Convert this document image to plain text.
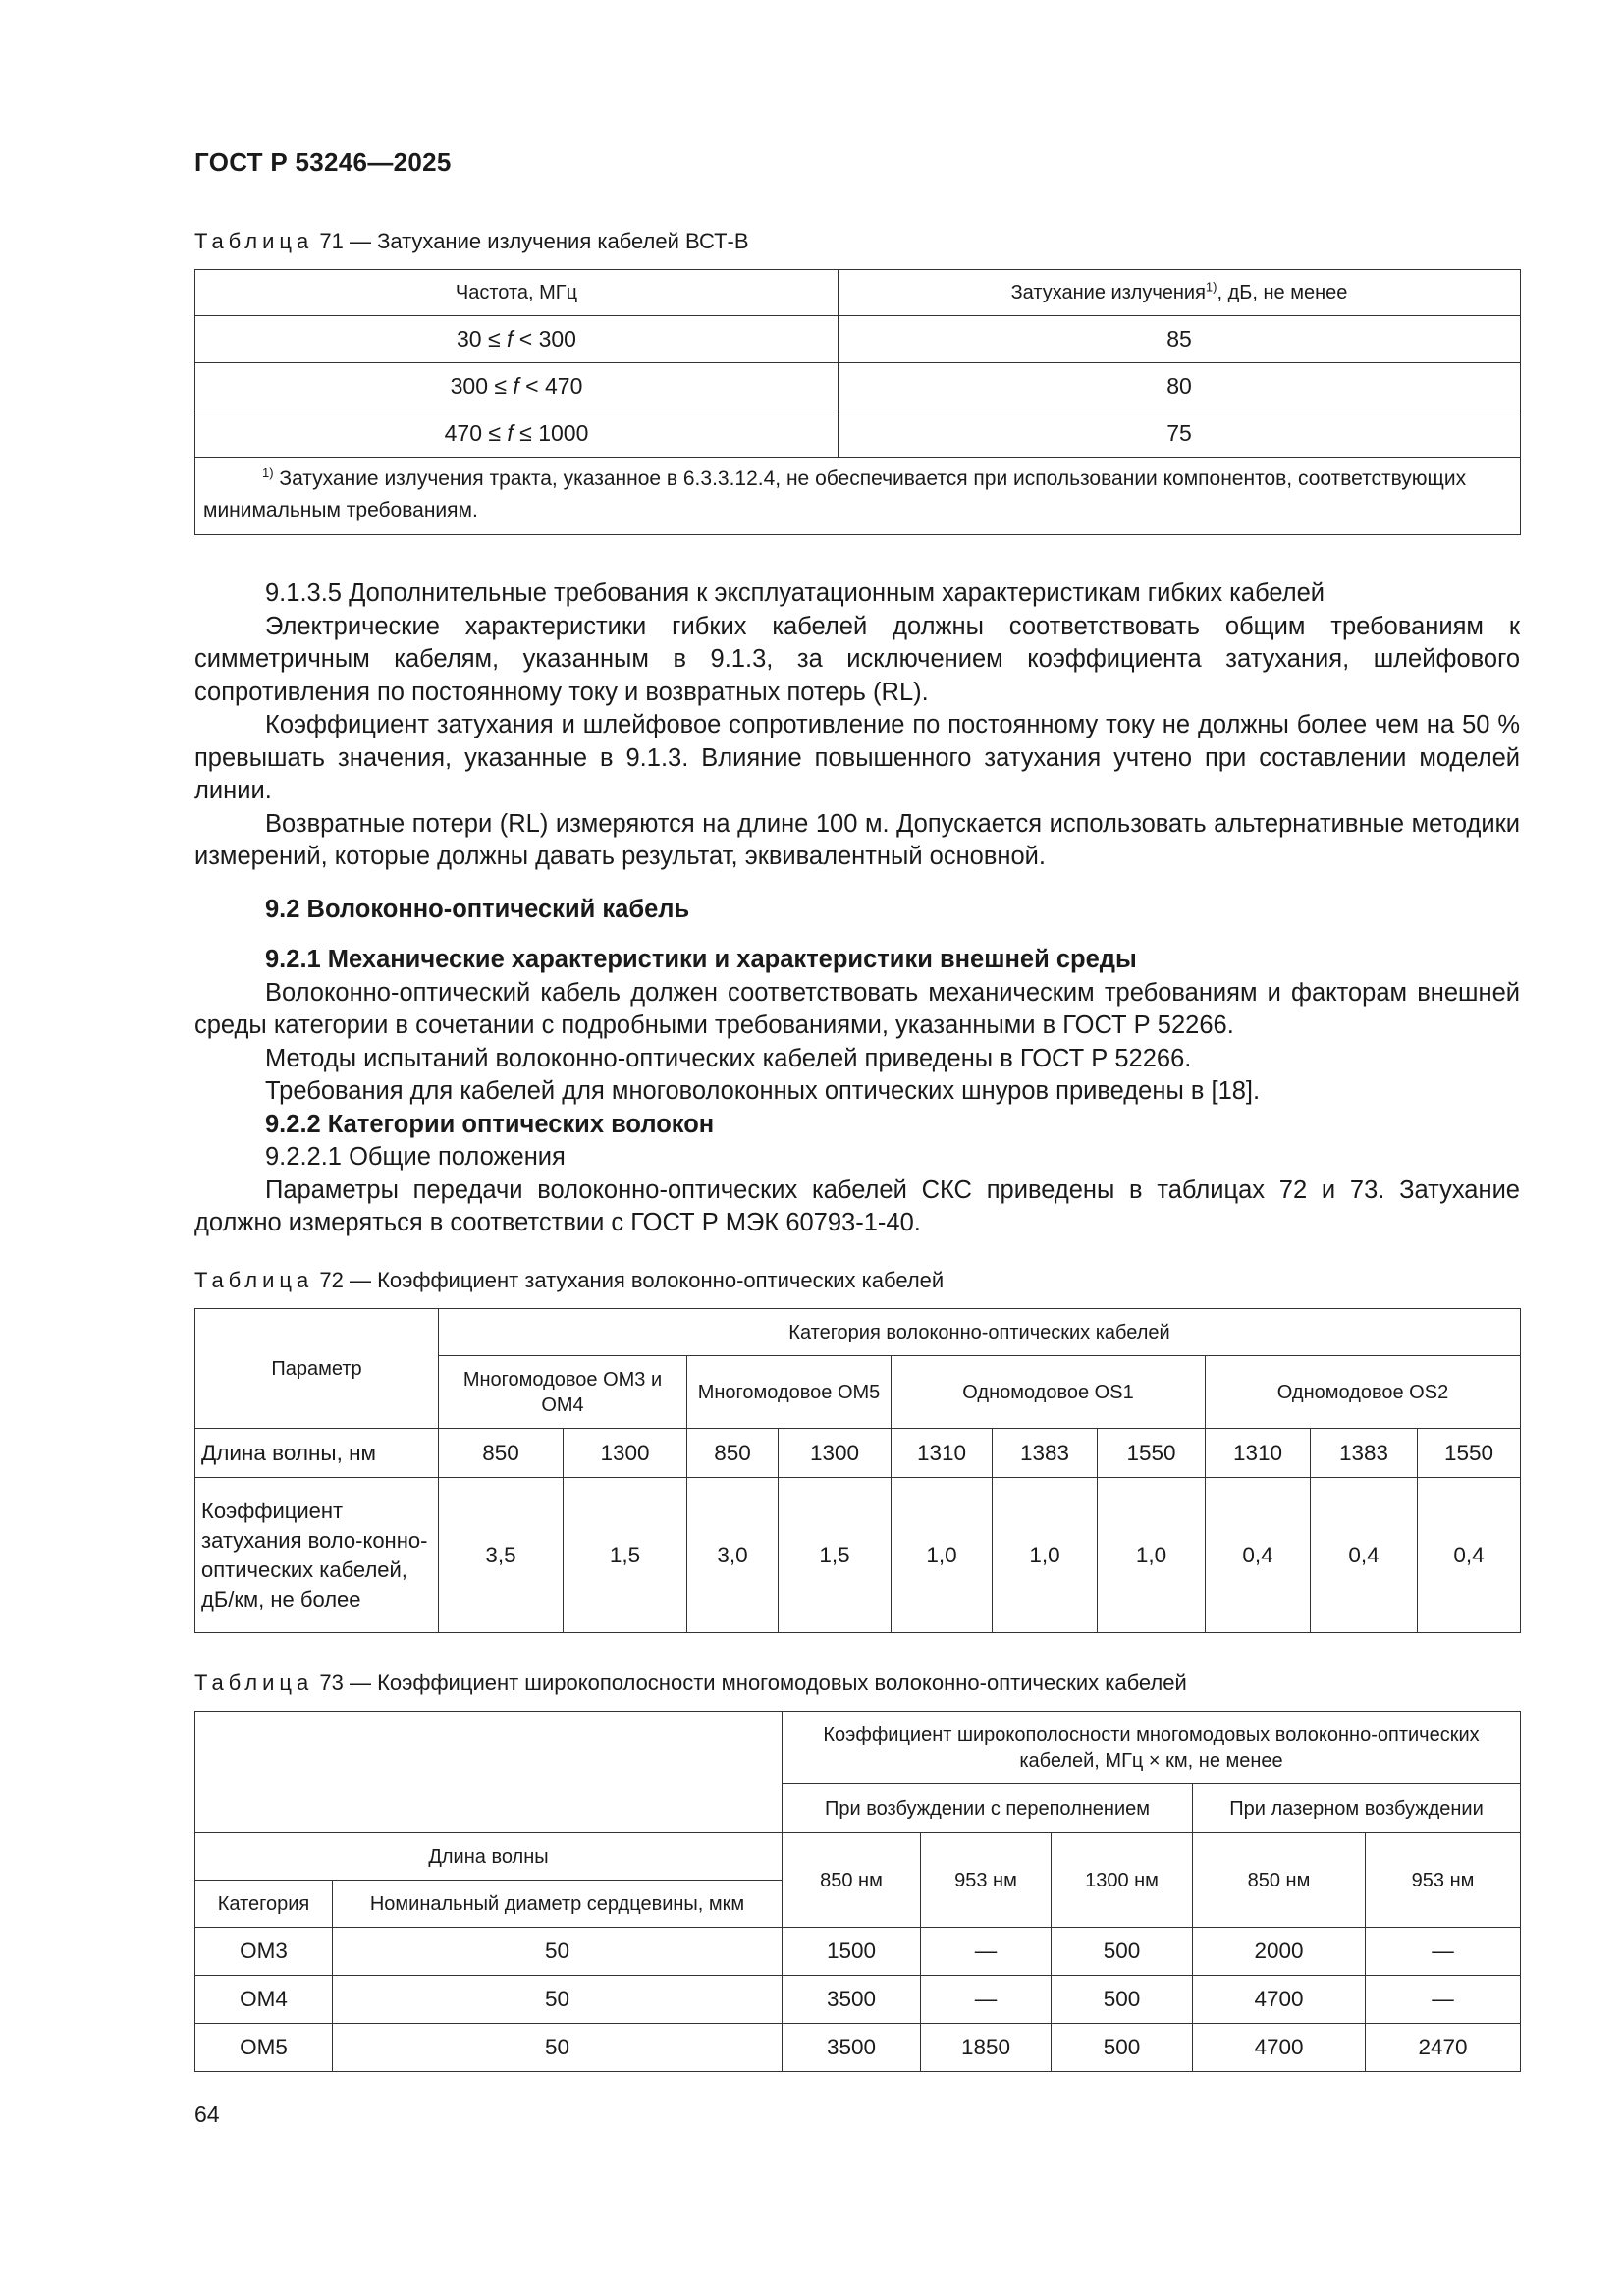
ГОСТ Р 53246—2025
Таблица 71 — Затухание излучения кабелей ВСТ-В
Частота, МГц	Затухание излучения$^{1)}$, дБ, не менее
30 ≤ f < 300	85
300 ≤ f < 470	80
470 ≤ f ≤ 1000	75
$^{1)}$ Затухание излучения тракта, указанное в 6.3.3.12.4, не обеспечивается при использовании компонентов, соответствующих минимальным требованиям.	
9.1.3.5 Дополнительные требования к эксплуатационным характеристикам гибких кабелей
Электрические характеристики гибких кабелей должны соответствовать общим требованиям к симметричным кабелям, указанным в 9.1.3, за исключением коэффициента затухания, шлейфового сопротивления по постоянному току и возвратных потерь (RL).
Коэффициент затухания и шлейфовое сопротивление по постоянному току не должны более чем на 50 % превышать значения, указанные в 9.1.3. Влияние повышенного затухания учтено при составлении моделей линии.
Возвратные потери (RL) измеряются на длине 100 м. Допускается использовать альтернативные методики измерений, которые должны давать результат, эквивалентный основной.
9.2 Волоконно-оптический кабель
9.2.1 Механические характеристики и характеристики внешней среды
Волоконно-оптический кабель должен соответствовать механическим требованиям и факторам внешней среды категории в сочетании с подробными требованиями, указанными в ГОСТ Р 52266.
Методы испытаний волоконно-оптических кабелей приведены в ГОСТ Р 52266.
Требования для кабелей для многоволоконных оптических шнуров приведены в [18].
9.2.2 Категории оптических волокон
9.2.2.1 Общие положения
Параметры передачи волоконно-оптических кабелей СКС приведены в таблицах 72 и 73. Затухание должно измеряться в соответствии с ГОСТ Р МЭК 60793-1-40.
Таблица 72 — Коэффициент затухания волоконно-оптических кабелей
Параметр	Категория волоконно-оптических кабелей									
	Многомодовое ОМ3 и ОМ4		Многомодовое ОМ5		Одномодовое OS1			Одномодовое OS2		
Длина волны, нм	850	1300	850	1300	1310	1383	1550	1310	1383	1550
Коэффициент затухания воло-конно-оптических кабелей, дБ/км, не более	3,5	1,5	3,0	1,5	1,0	1,0	1,0	0,4	0,4	0,4
Таблица 73 — Коэффициент широкополосности многомодовых волоконно-оптических кабелей
		Коэффициент широкополосности многомодовых волоконно-оптических кабелей, МГц × км, не менее				
		При возбуждении с переполнением			При лазерном возбуждении	
Длина волны		850 нм	953 нм	1300 нм	850 нм	953 нм
Категория	Номинальный диаметр сердцевины, мкм					
ОМ3	50	1500	—	500	2000	—
ОМ4	50	3500	—	500	4700	—
ОМ5	50	3500	1850	500	4700	2470
64
